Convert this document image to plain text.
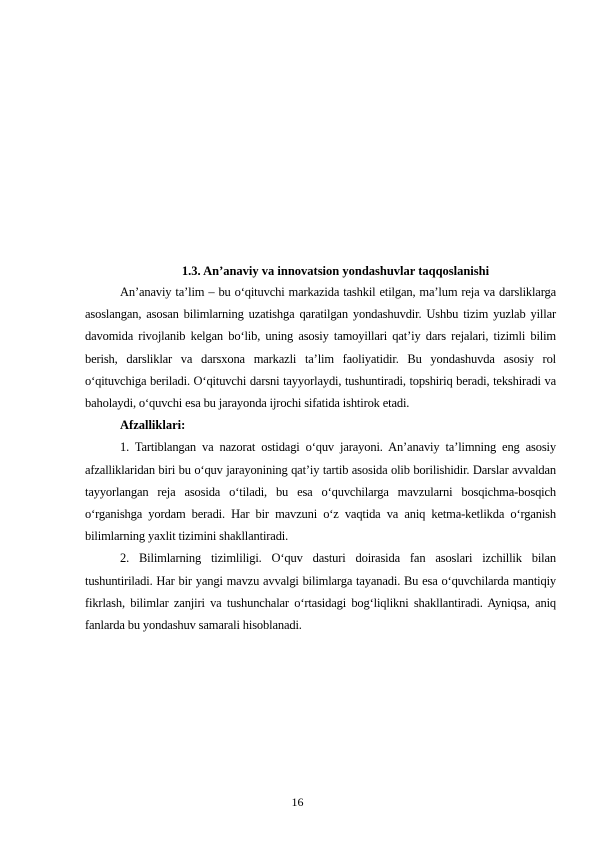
1.3. An’anaviy va innovatsion yondashuvlar taqqoslanishi

An’anaviy ta’lim – bu o‘qituvchi markazida tashkil etilgan, ma’lum reja va darsliklarga asoslangan, asosan bilimlarning uzatishga qaratilgan yondashuvdir. Ushbu tizim yuzlab yillar davomida rivojlanib kelgan bo‘lib, uning asosiy tamoyillari qat’iy dars rejalari, tizimli bilim berish, darsliklar va darsxona markazli ta’lim faoliyatidir. Bu yondashuvda asosiy rol o‘qituvchiga beriladi. O‘qituvchi darsni tayyorlaydi, tushuntiradi, topshiriq beradi, tekshiradi va baholaydi, o‘quvchi esa bu jarayonda ijrochi sifatida ishtirok etadi.

Afzalliklari:

1. Tartiblangan va nazorat ostidagi o‘quv jarayoni. An’anaviy ta’limning eng asosiy afzalliklaridan biri bu o‘quv jarayonining qat’iy tartib asosida olib borilishidir. Darslar avvaldan tayyorlangan reja asosida o‘tiladi, bu esa o‘quvchilarga mavzularni bosqichma-bosqich o‘rganishga yordam beradi. Har bir mavzuni o‘z vaqtida va aniq ketma-ketlikda o‘rganish bilimlarning yaxlit tizimini shakllantiradi.

2. Bilimlarning tizimliligi. O‘quv dasturi doirasida fan asoslari izchillik bilan tushuntiriladi. Har bir yangi mavzu avvalgi bilimlarga tayanadi. Bu esa o‘quvchilarda mantiqiy fikrlash, bilimlar zanjiri va tushunchalar o‘rtasidagi bog‘liqlikni shakllantiradi. Ayniqsa, aniq fanlarda bu yondashuv samarali hisoblanadi.

16
